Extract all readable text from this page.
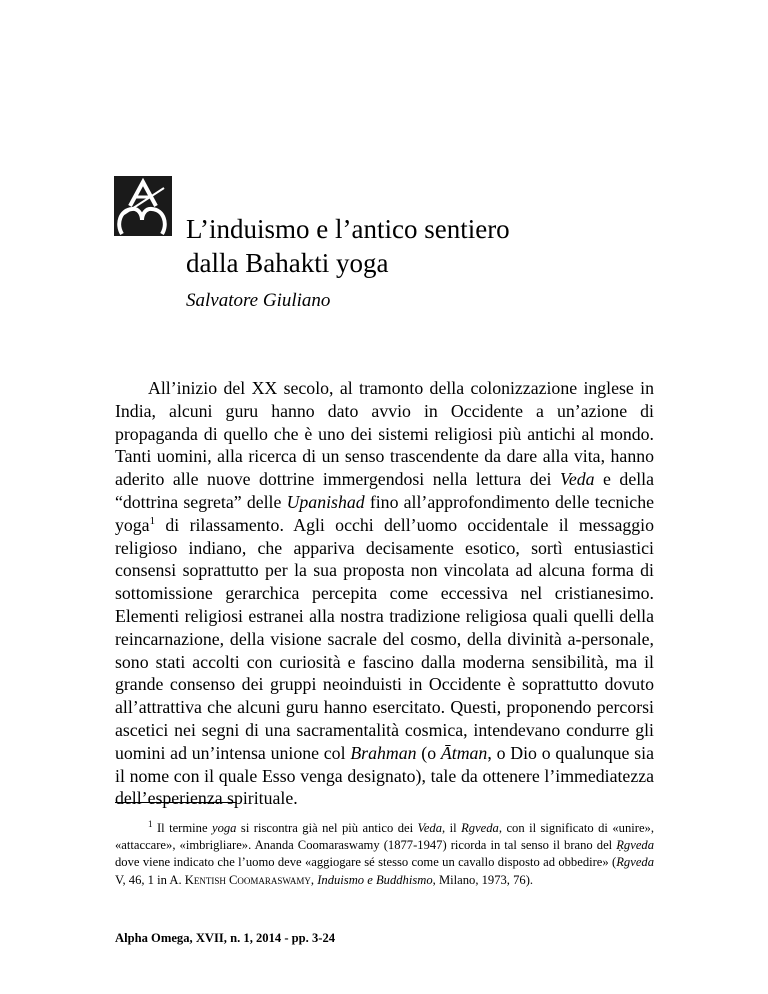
L’induismo e l’antico sentiero
dalla Bahakti yoga
Salvatore Giuliano

All’inizio del XX secolo, al tramonto della colonizzazione inglese in India, alcuni guru hanno dato avvio in Occidente a un’azione di propaganda di quello che è uno dei sistemi religiosi più antichi al mondo. Tanti uomini, alla ricerca di un senso trascendente da dare alla vita, hanno aderito alle nuove dottrine immergendosi nella lettura dei Veda e della “dottrina segreta” delle Upanishad fino all’approfondimento delle tecniche yoga$^1$ di rilassamento. Agli occhi dell’uomo occidentale il messaggio religioso indiano, che appariva decisamente esotico, sortì entusiastici consensi soprattutto per la sua proposta non vincolata ad alcuna forma di sottomissione gerarchica percepita come eccessiva nel cristianesimo. Elementi religiosi estranei alla nostra tradizione religiosa quali quelli della reincarnazione, della visione sacrale del cosmo, della divinità a-personale, sono stati accolti con curiosità e fascino dalla moderna sensibilità, ma il grande consenso dei gruppi neoinduisti in Occidente è soprattutto dovuto all’attrattiva che alcuni guru hanno esercitato. Questi, proponendo percorsi ascetici nei segni di una sacramentalità cosmica, intendevano condurre gli uomini ad un’intensa unione col Brahman (o Ātman, o Dio o qualunque sia il nome con il quale Esso venga designato), tale da ottenere l’immediatezza dell’esperienza spirituale.

$^1$ Il termine yoga si riscontra già nel più antico dei Veda, il Rgveda, con il significato di «unire», «attaccare», «imbrigliare». Ananda Coomaraswamy (1877-1947) ricorda in tal senso il brano del Ṛgveda dove viene indicato che l’uomo deve «aggiogare sé stesso come un cavallo disposto ad obbedire» (Rgveda V, 46, 1 in A. Kentish Coomaraswamy, Induismo e Buddhismo, Milano, 1973, 76).

Alpha Omega, XVII, n. 1, 2014 - pp. 3-24
